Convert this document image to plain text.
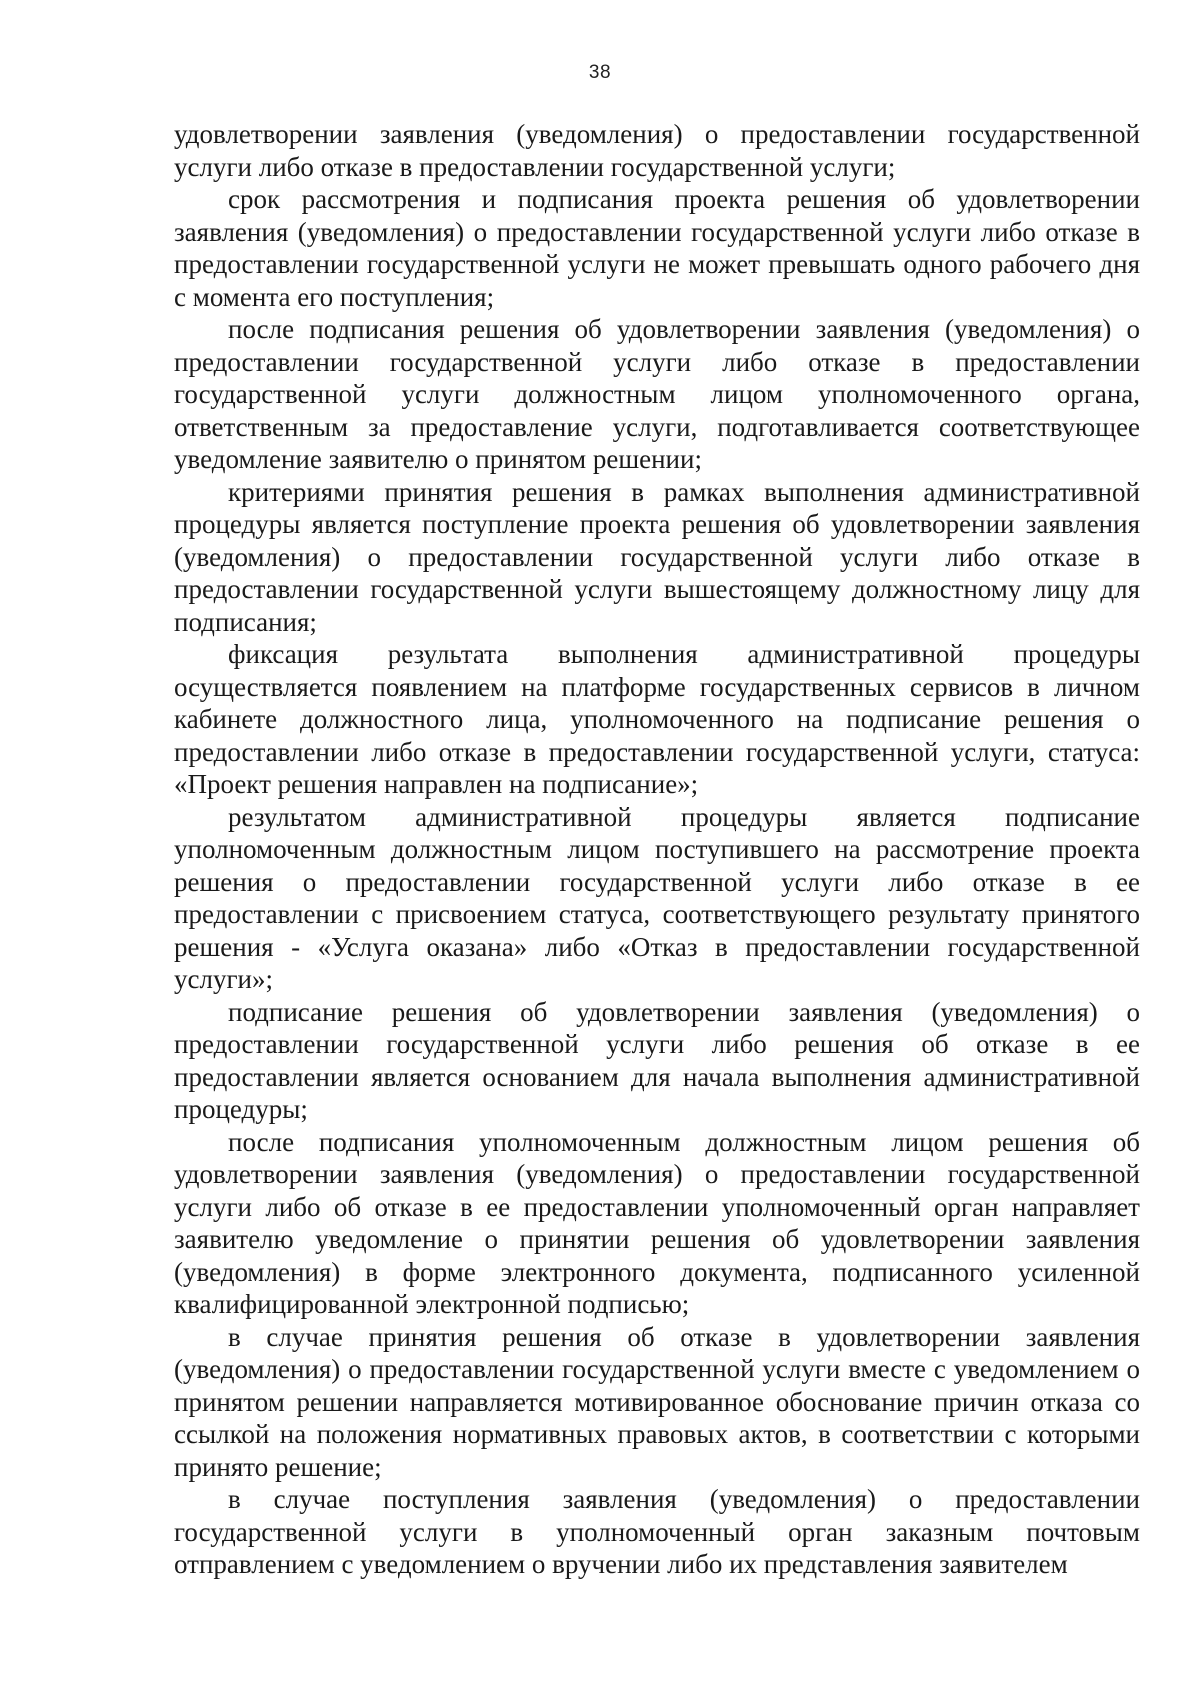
38

удовлетворении заявления (уведомления) о предоставлении государственной услуги либо отказе в предоставлении государственной услуги;

срок рассмотрения и подписания проекта решения об удовлетворении заявления (уведомления) о предоставлении государственной услуги либо отказе в предоставлении государственной услуги не может превышать одного рабочего дня с момента его поступления;

после подписания решения об удовлетворении заявления (уведомления) о предоставлении государственной услуги либо отказе в предоставлении государственной услуги должностным лицом уполномоченного органа, ответственным за предоставление услуги, подготавливается соответствующее уведомление заявителю о принятом решении;

критериями принятия решения в рамках выполнения административной процедуры является поступление проекта решения об удовлетворении заявления (уведомления) о предоставлении государственной услуги либо отказе в предоставлении государственной услуги вышестоящему должностному лицу для подписания;

фиксация результата выполнения административной процедуры осуществляется появлением на платформе государственных сервисов в личном кабинете должностного лица, уполномоченного на подписание решения о предоставлении либо отказе в предоставлении государственной услуги, статуса: «Проект решения направлен на подписание»;

результатом административной процедуры является подписание уполномоченным должностным лицом поступившего на рассмотрение проекта решения о предоставлении государственной услуги либо отказе в ее предоставлении с присвоением статуса, соответствующего результату принятого решения - «Услуга оказана» либо «Отказ в предоставлении государственной услуги»;

подписание решения об удовлетворении заявления (уведомления) о предоставлении государственной услуги либо решения об отказе в ее предоставлении является основанием для начала выполнения административной процедуры;

после подписания уполномоченным должностным лицом решения об удовлетворении заявления (уведомления) о предоставлении государственной услуги либо об отказе в ее предоставлении уполномоченный орган направляет заявителю уведомление о принятии решения об удовлетворении заявления (уведомления) в форме электронного документа, подписанного усиленной квалифицированной электронной подписью;

в случае принятия решения об отказе в удовлетворении заявления (уведомления) о предоставлении государственной услуги вместе с уведомлением о принятом решении направляется мотивированное обоснование причин отказа со ссылкой на положения нормативных правовых актов, в соответствии с которыми принято решение;

в случае поступления заявления (уведомления) о предоставлении государственной услуги в уполномоченный орган заказным почтовым отправлением с уведомлением о вручении либо их представления заявителем
